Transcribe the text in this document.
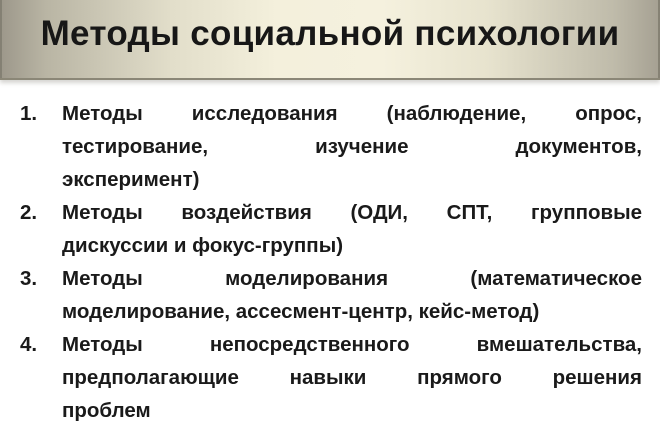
Методы социальной психологии
1.	Методы исследования (наблюдение, опрос,
тестирование, изучение документов,
эксперимент)
2.	Методы воздействия (ОДИ, СПТ, групповые
дискуссии и фокус-группы)
3.	Методы моделирования (математическое
моделирование, ассесмент-центр, кейс-метод)
4.	Методы непосредственного вмешательства,
предполагающие навыки прямого решения
проблем
